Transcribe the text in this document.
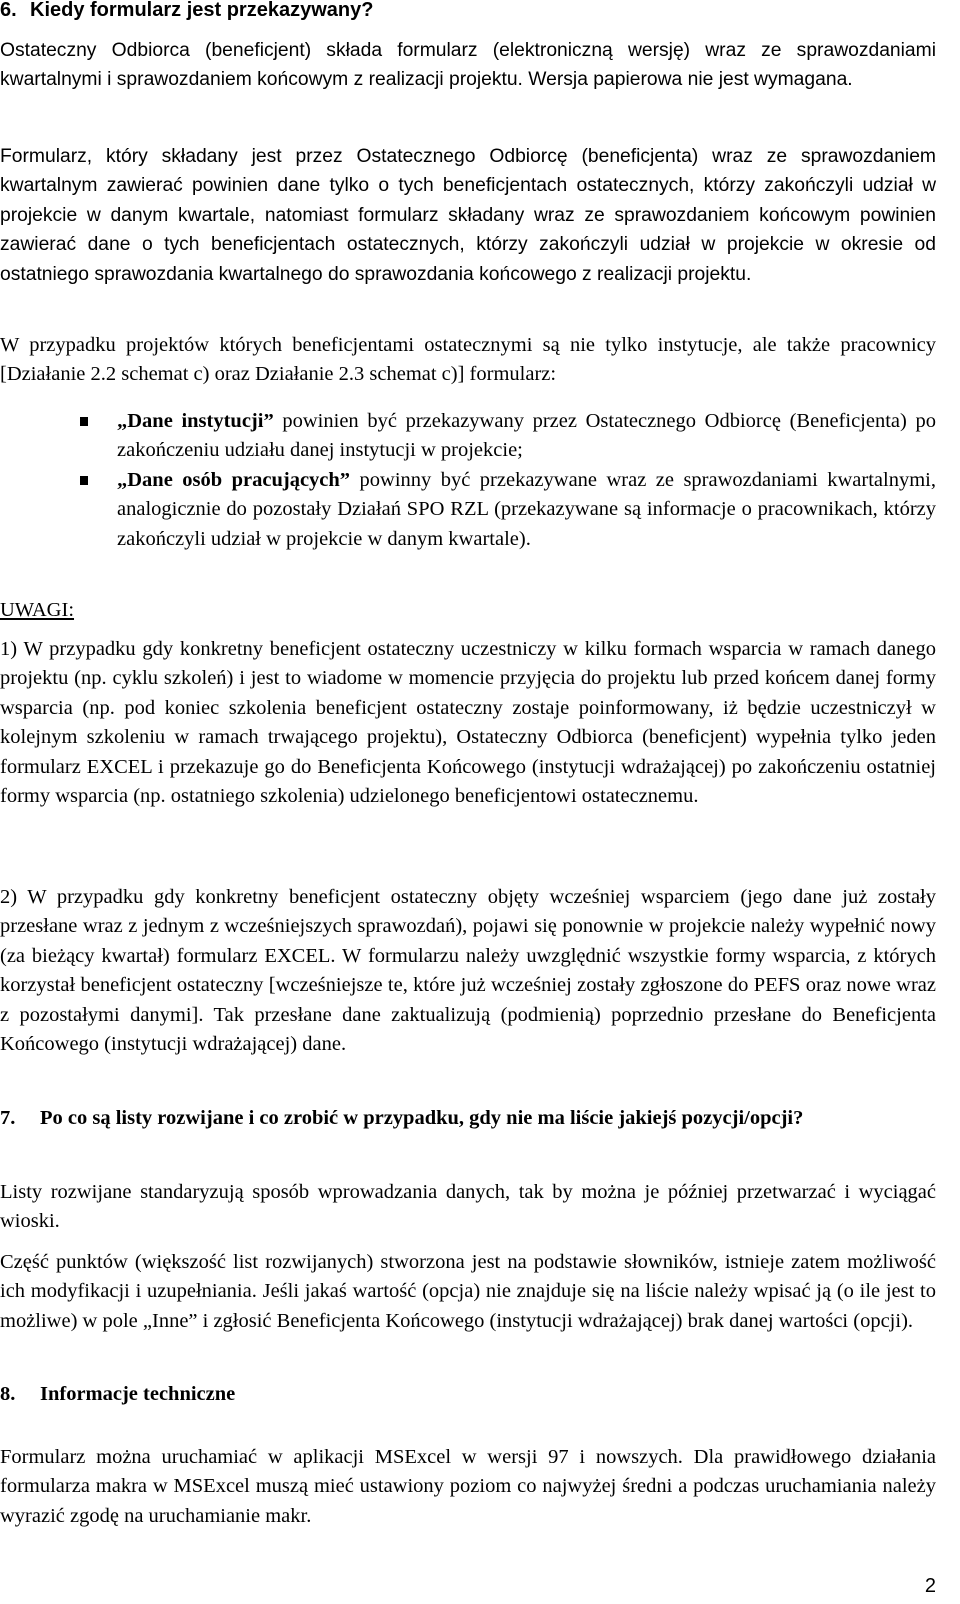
6. Kiedy formularz jest przekazywany?

Ostateczny Odbiorca (beneficjent) składa formularz (elektroniczną wersję) wraz ze sprawozdaniami kwartalnymi i sprawozdaniem końcowym z realizacji projektu. Wersja papierowa nie jest wymagana.

Formularz, który składany jest przez Ostatecznego Odbiorcę (beneficjenta) wraz ze sprawozdaniem kwartalnym zawierać powinien dane tylko o tych beneficjentach ostatecznych, którzy zakończyli udział w projekcie w danym kwartale, natomiast formularz składany wraz ze sprawozdaniem końcowym powinien zawierać dane o tych beneficjentach ostatecznych, którzy zakończyli udział w projekcie w okresie od ostatniego sprawozdania kwartalnego do sprawozdania końcowego z realizacji projektu.

W przypadku projektów których beneficjentami ostatecznymi są nie tylko instytucje, ale także pracownicy [Działanie 2.2 schemat c) oraz Działanie 2.3 schemat c)] formularz:

„Dane instytucji” powinien być przekazywany przez Ostatecznego Odbiorcę (Beneficjenta) po zakończeniu udziału danej instytucji w projekcie;
„Dane osób pracujących” powinny być przekazywane wraz ze sprawozdaniami kwartalnymi, analogicznie do pozostały Działań SPO RZL (przekazywane są informacje o pracownikach, którzy zakończyli udział w projekcie w danym kwartale).
UWAGI:

1) W przypadku gdy konkretny beneficjent ostateczny uczestniczy w kilku formach wsparcia w ramach danego projektu (np. cyklu szkoleń) i jest to wiadome w momencie przyjęcia do projektu lub przed końcem danej formy wsparcia (np. pod koniec szkolenia beneficjent ostateczny zostaje poinformowany, iż będzie uczestniczył w kolejnym szkoleniu w ramach trwającego projektu), Ostateczny Odbiorca (beneficjent) wypełnia tylko jeden formularz EXCEL i przekazuje go do Beneficjenta Końcowego (instytucji wdrażającej) po zakończeniu ostatniej formy wsparcia (np. ostatniego szkolenia) udzielonego beneficjentowi ostatecznemu.

2) W przypadku gdy konkretny beneficjent ostateczny objęty wcześniej wsparciem (jego dane już zostały przesłane wraz z jednym z wcześniejszych sprawozdań), pojawi się ponownie w projekcie należy wypełnić nowy (za bieżący kwartał) formularz EXCEL. W formularzu należy uwzględnić wszystkie formy wsparcia, z których korzystał beneficjent ostateczny [wcześniejsze te, które już wcześniej zostały zgłoszone do PEFS oraz nowe wraz z pozostałymi danymi]. Tak przesłane dane zaktualizują (podmienią) poprzednio przesłane do Beneficjenta Końcowego (instytucji wdrażającej) dane.

7.	Po co są listy rozwijane i co zrobić w przypadku, gdy nie ma liście jakiejś pozycji/opcji?

Listy rozwijane standaryzują sposób wprowadzania danych, tak by można je później przetwarzać i wyciągać wioski.

Część punktów (większość list rozwijanych) stworzona jest na podstawie słowników, istnieje zatem możliwość ich modyfikacji i uzupełniania. Jeśli jakaś wartość (opcja) nie znajduje się na liście należy wpisać ją (o ile jest to możliwe) w pole „Inne” i zgłosić Beneficjenta Końcowego (instytucji wdrażającej) brak danej wartości (opcji).

8.	Informacje techniczne

Formularz można uruchamiać w aplikacji MSExcel w wersji 97 i nowszych. Dla prawidłowego działania formularza makra w MSExcel muszą mieć ustawiony poziom co najwyżej średni a podczas uruchamiania należy wyrazić zgodę na uruchamianie makr.

2
